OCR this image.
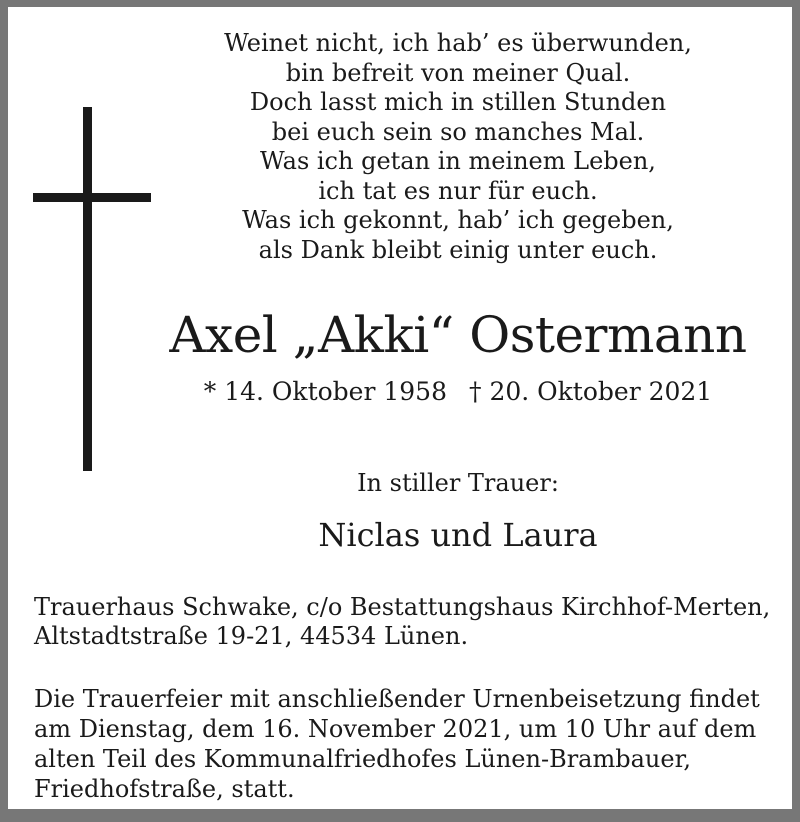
Weinet nicht, ich hab’ es überwunden,
bin befreit von meiner Qual.
Doch lasst mich in stillen Stunden
bei euch sein so manches Mal.
Was ich getan in meinem Leben,
ich tat es nur für euch.
Was ich gekonnt, hab’ ich gegeben,
als Dank bleibt einig unter euch.
Axel „Akki“ Ostermann
* 14. Oktober 1958 † 20. Oktober 2021
In stiller Trauer:
Niclas und Laura
Trauerhaus Schwake, c/o Bestattungshaus Kirchhof-Merten,
Altstadtstraße 19-21, 44534 Lünen.
Die Trauerfeier mit anschließender Urnenbeisetzung findet
am Dienstag, dem 16. November 2021, um 10 Uhr auf dem
alten Teil des Kommunalfriedhofes Lünen-Brambauer,
Friedhofstraße, statt.
